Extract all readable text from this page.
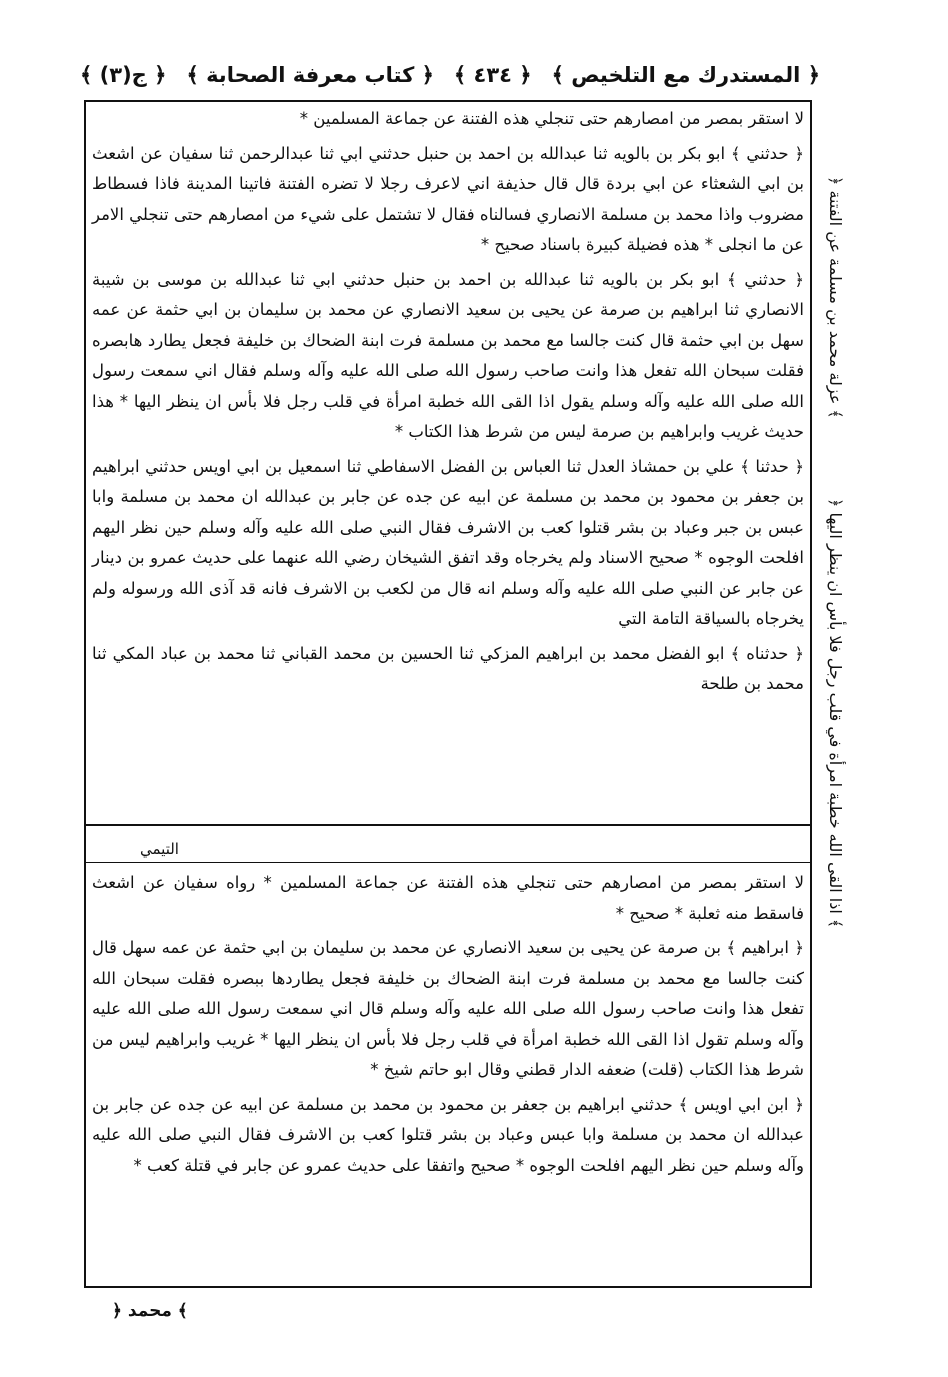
﴿ المستدرك مع التلخيص ﴾
﴿ ٤٣٤ ﴾
﴿ كتاب معرفة الصحابة ﴾
﴿ ج(٣) ﴾

لا استقر بمصر من امصارهم حتى تنجلي هذه الفتنة عن جماعة المسلمين *

﴿ حدثني ﴾ ابو بكر بن بالويه ثنا عبدالله بن احمد بن حنبل حدثني ابي ثنا عبدالرحمن ثنا سفيان عن اشعث بن ابي الشعثاء عن ابي بردة قال قال حذيفة اني لاعرف رجلا لا تضره الفتنة فاتينا المدينة فاذا فسطاط مضروب واذا محمد بن مسلمة الانصاري فسالناه فقال لا تشتمل على شيء من امصارهم حتى تنجلي الامر عن ما انجلى * هذه فضيلة كبيرة باسناد صحيح *

﴿ حدثني ﴾ ابو بكر بن بالويه ثنا عبدالله بن احمد بن حنبل حدثني ابي ثنا عبدالله بن موسى بن شيبة الانصاري ثنا ابراهيم بن صرمة عن يحيى بن سعيد الانصاري عن محمد بن سليمان بن ابي حثمة عن عمه سهل بن ابي حثمة قال كنت جالسا مع محمد بن مسلمة فرت ابنة الضحاك بن خليفة فجعل يطارد هابصره فقلت سبحان الله تفعل هذا وانت صاحب رسول الله صلى الله عليه وآله وسلم فقال اني سمعت رسول الله صلى الله عليه وآله وسلم يقول اذا القى الله خطبة امرأة في قلب رجل فلا بأس ان ينظر اليها * هذا حديث غريب وابراهيم بن صرمة ليس من شرط هذا الكتاب *

﴿ حدثنا ﴾ علي بن حمشاذ العدل ثنا العباس بن الفضل الاسفاطي ثنا اسمعيل بن ابي اويس حدثني ابراهيم بن جعفر بن محمود بن محمد بن مسلمة عن ابيه عن جده عن جابر بن عبدالله ان محمد بن مسلمة وابا عبس بن جبر وعباد بن بشر قتلوا كعب بن الاشرف فقال النبي صلى الله عليه وآله وسلم حين نظر اليهم افلحت الوجوه * صحيح الاسناد ولم يخرجاه وقد اتفق الشيخان رضي الله عنهما على حديث عمرو بن دينار عن جابر عن النبي صلى الله عليه وآله وسلم انه قال من لكعب بن الاشرف فانه قد آذى الله ورسوله ولم يخرجاه بالسياقة التامة التي

﴿ حدثناه ﴾ ابو الفضل محمد بن ابراهيم المزكي ثنا الحسين بن محمد القباني ثنا محمد بن عباد المكي ثنا محمد بن طلحة

التيمي

لا استقر بمصر من امصارهم حتى تنجلي هذه الفتنة عن جماعة المسلمين * رواه سفيان عن اشعث فاسقط منه ثعلبة * صحيح *

﴿ ابراهيم ﴾ بن صرمة عن يحيى بن سعيد الانصاري عن محمد بن سليمان بن ابي حثمة عن عمه سهل قال كنت جالسا مع محمد بن مسلمة فرت ابنة الضحاك بن خليفة فجعل يطاردها ببصره فقلت سبحان الله تفعل هذا وانت صاحب رسول الله صلى الله عليه وآله وسلم قال اني سمعت رسول الله صلى الله عليه وآله وسلم تقول اذا القى الله خطبة امرأة في قلب رجل فلا بأس ان ينظر اليها * غريب وابراهيم ليس من شرط هذا الكتاب (قلت) ضعفه الدار قطني وقال ابو حاتم شيخ *

﴿ ابن ابي اويس ﴾ حدثني ابراهيم بن جعفر بن محمود بن محمد بن مسلمة عن ابيه عن جده عن جابر بن عبدالله ان محمد بن مسلمة وابا عبس وعباد بن بشر قتلوا كعب بن الاشرف فقال النبي صلى الله عليه وآله وسلم حين نظر اليهم افلحت الوجوه * صحيح واتفقا على حديث عمرو عن جابر في قتلة كعب *

﴿ عزلة محمد بن مسلمة عن الفتنة ﴾
﴿ اذا القى الله خطبة امرأة في قلب رجل فلا بأس ان ينظر اليها ﴾
﴿ محمد ﴾
